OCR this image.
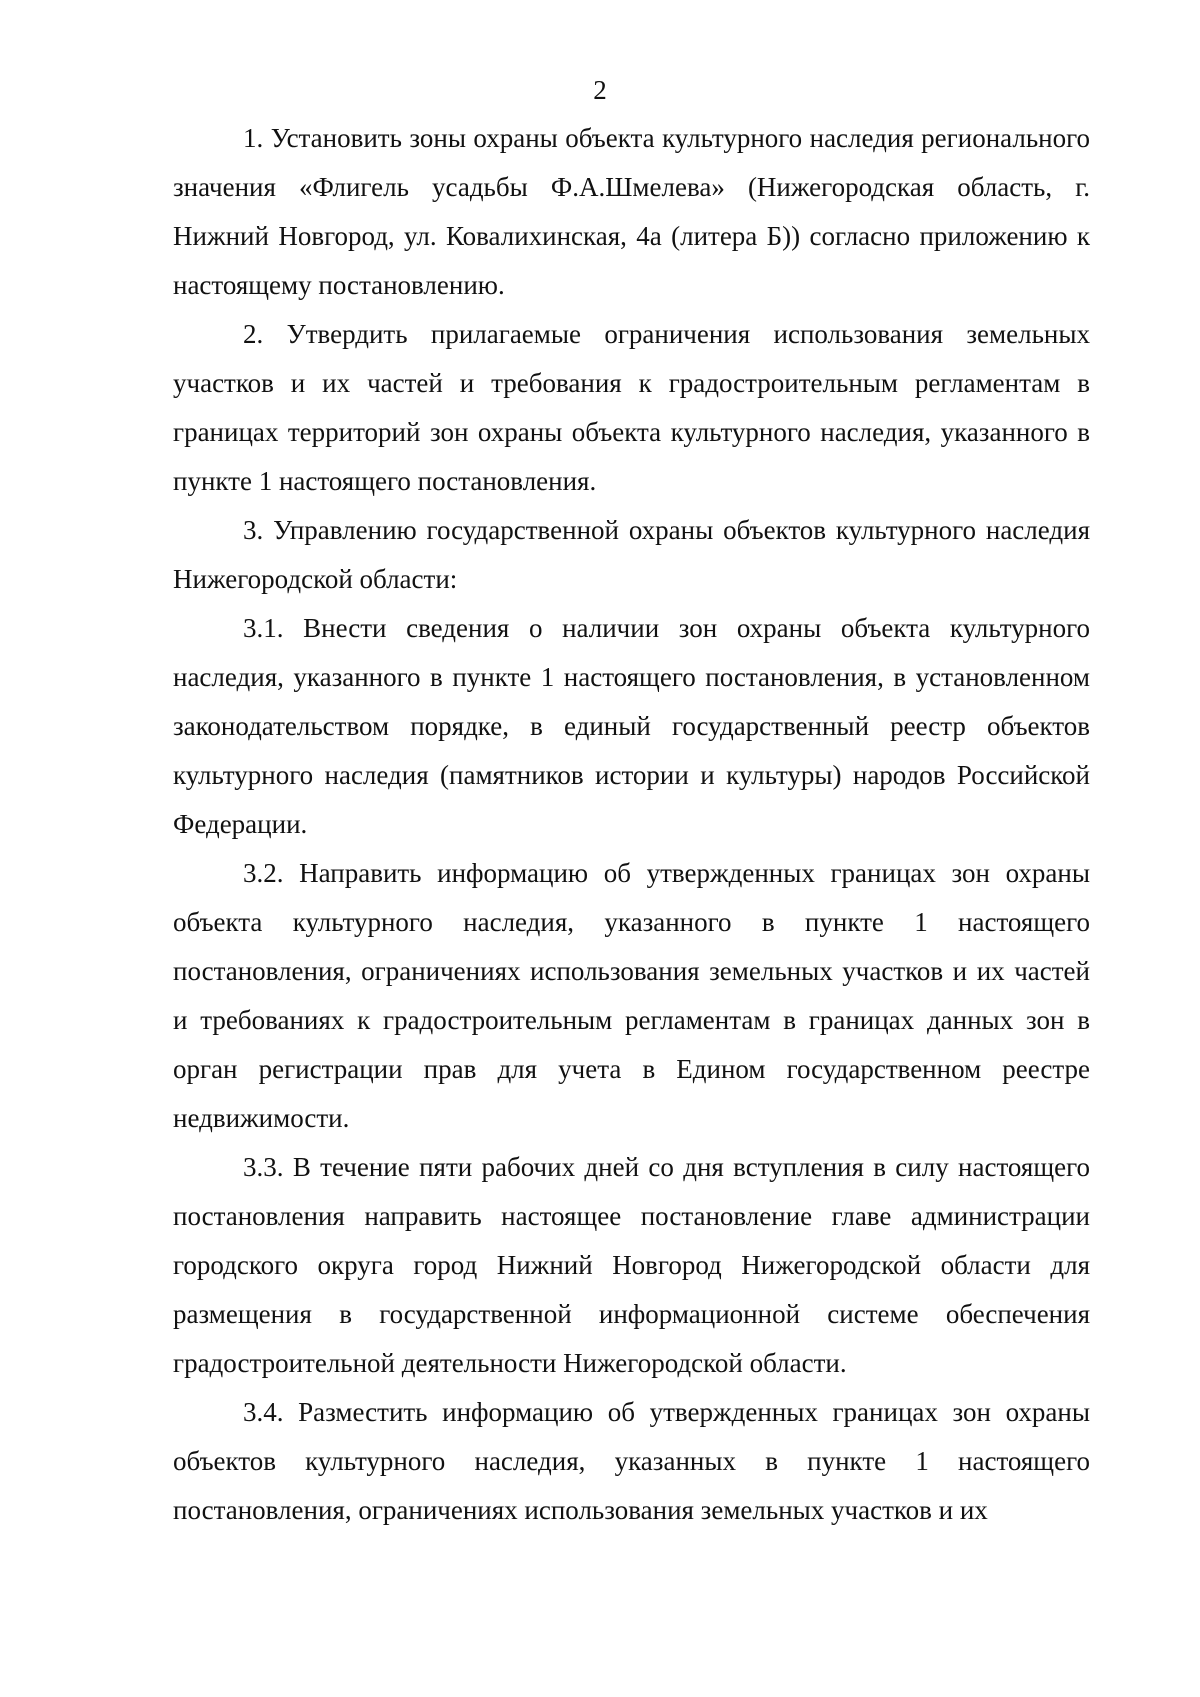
2

1. Установить зоны охраны объекта культурного наследия регионального значения «Флигель усадьбы Ф.А.Шмелева» (Нижегородская область, г. Нижний Новгород, ул. Ковалихинская, 4а (литера Б)) согласно приложению к настоящему постановлению.

2. Утвердить прилагаемые ограничения использования земельных участков и их частей и требования к градостроительным регламентам в границах территорий зон охраны объекта культурного наследия, указанного в пункте 1 настоящего постановления.

3. Управлению государственной охраны объектов культурного наследия Нижегородской области:

3.1. Внести сведения о наличии зон охраны объекта культурного наследия, указанного в пункте 1 настоящего постановления, в установленном законодательством порядке, в единый государственный реестр объектов культурного наследия (памятников истории и культуры) народов Российской Федерации.

3.2. Направить информацию об утвержденных границах зон охраны объекта культурного наследия, указанного в пункте 1 настоящего постановления, ограничениях использования земельных участков и их частей и требованиях к градостроительным регламентам в границах данных зон в орган регистрации прав для учета в Едином государственном реестре недвижимости.

3.3. В течение пяти рабочих дней со дня вступления в силу настоящего постановления направить настоящее постановление главе администрации городского округа город Нижний Новгород Нижегородской области для размещения в государственной информационной системе обеспечения градостроительной деятельности Нижегородской области.

3.4. Разместить информацию об утвержденных границах зон охраны объектов культурного наследия, указанных в пункте 1 настоящего постановления, ограничениях использования земельных участков и их
